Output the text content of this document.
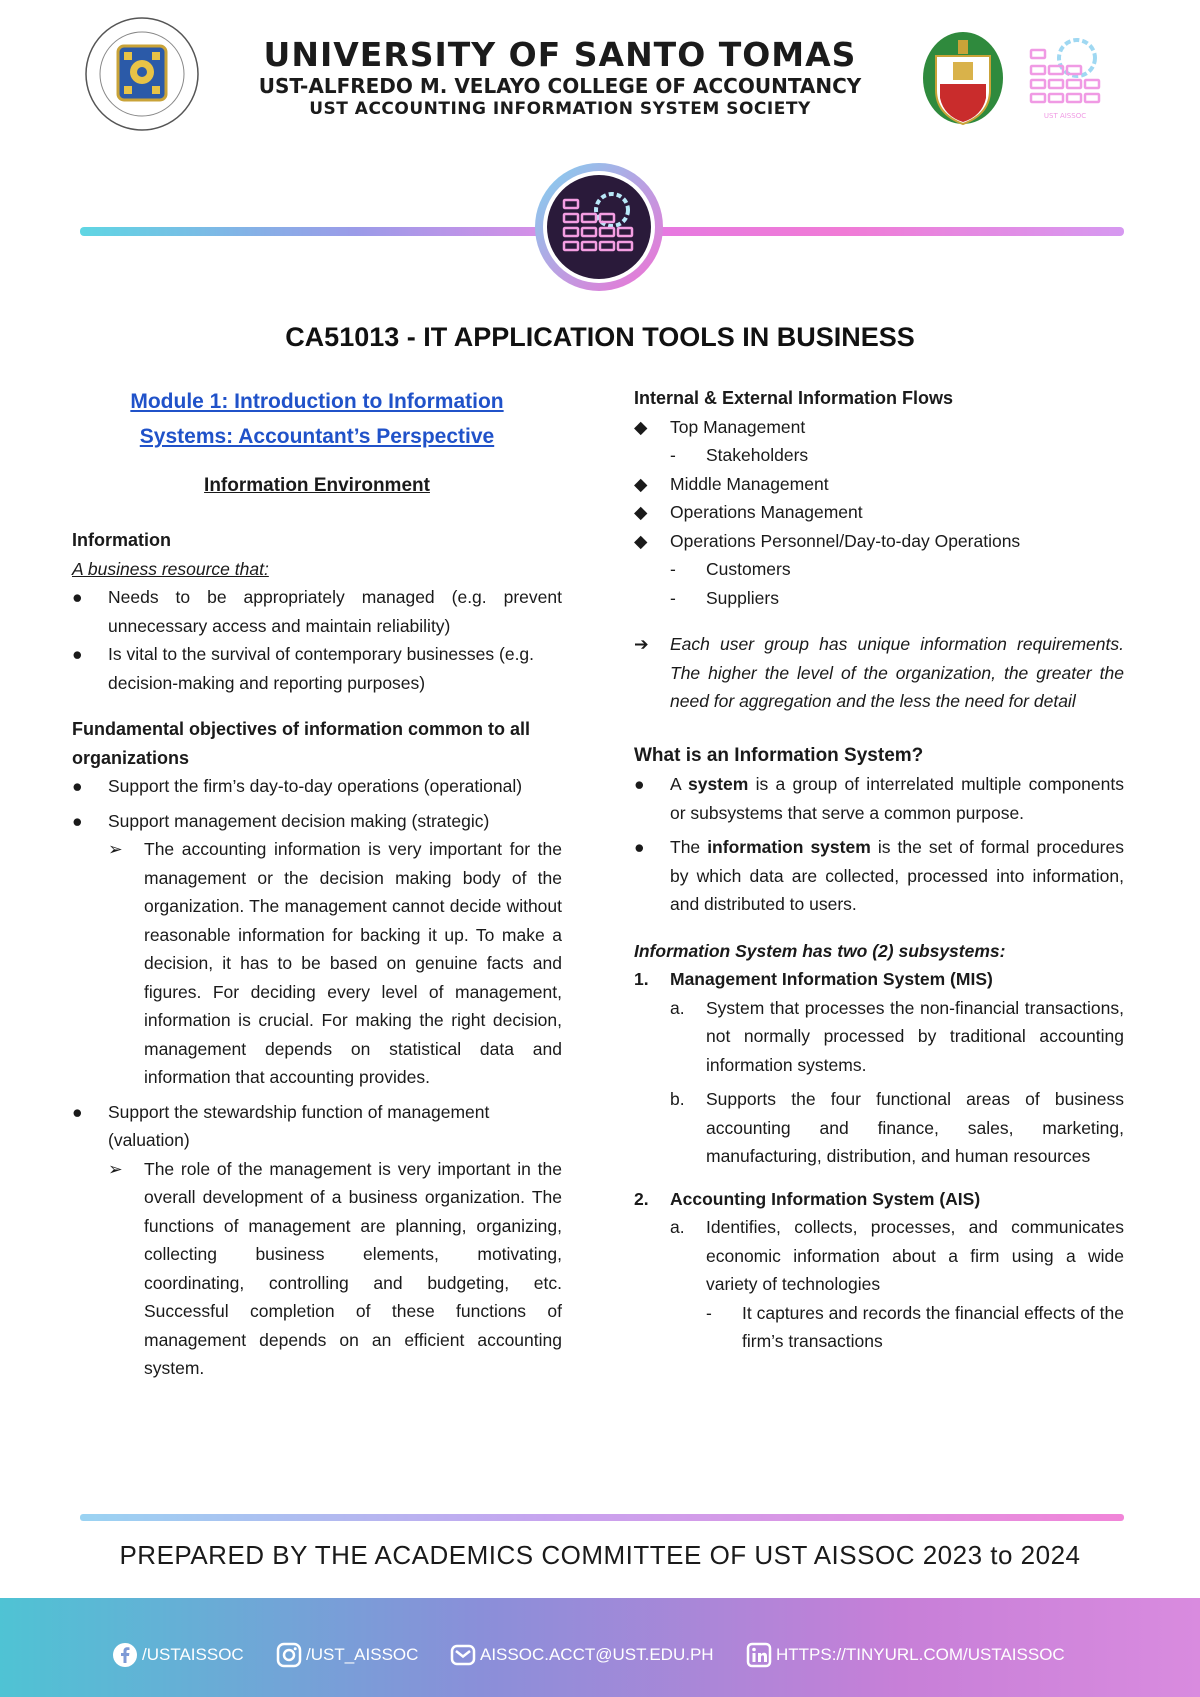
UNIVERSITY OF SANTO TOMAS
UST-ALFREDO M. VELAYO COLLEGE OF ACCOUNTANCY
UST ACCOUNTING INFORMATION SYSTEM SOCIETY	UST AISSOC
CA51013 - IT APPLICATION TOOLS IN BUSINESS
Module 1: Introduction to Information
Systems: Accountant’s Perspective
Information Environment
Information
A business resource that:
●	Needs to be appropriately managed (e.g. prevent unnecessary access and maintain reliability)
●	Is vital to the survival of contemporary businesses (e.g. decision-making and reporting purposes)
Fundamental objectives of information common to all organizations
●	Support the firm’s day-to-day operations (operational)
●	Support management decision making (strategic)
➢	The accounting information is very important for the management or the decision making body of the organization. The management cannot decide without reasonable information for backing it up. To make a decision, it has to be based on genuine facts and figures. For deciding every level of management, information is crucial. For making the right decision, management depends on statistical data and information that accounting provides.
●	Support the stewardship function of management (valuation)
➢	The role of the management is very important in the overall development of a business organization. The functions of management are planning, organizing, collecting business elements, motivating, coordinating, controlling and budgeting, etc. Successful completion of these functions of management depends on an efficient accounting system.
Internal & External Information Flows
◆	Top Management
-	Stakeholders
◆	Middle Management
◆	Operations Management
◆	Operations Personnel/Day-to-day Operations
-	Customers
-	Suppliers
➔	Each user group has unique information requirements. The higher the level of the organization, the greater the need for aggregation and the less the need for detail
What is an Information System?
●	A system is a group of interrelated multiple components or subsystems that serve a common purpose.
●	The information system is the set of formal procedures by which data are collected, processed into information, and distributed to users.
Information System has two (2) subsystems:
1.	Management Information System (MIS)
a.	System that processes the non-financial transactions, not normally processed by traditional accounting information systems.
b.	Supports the four functional areas of business accounting and finance, sales, marketing, manufacturing, distribution, and human resources
2.	Accounting Information System (AIS)
a.	Identifies, collects, processes, and communicates economic information about a firm using a wide variety of technologies
-	It captures and records the financial effects of the firm’s transactions
PREPARED BY THE ACADEMICS COMMITTEE OF UST AISSOC 2023 to 2024
/USTAISSOC	/UST_AISSOC	AISSOC.ACCT@UST.EDU.PH	HTTPS://TINYURL.COM/USTAISSOC
